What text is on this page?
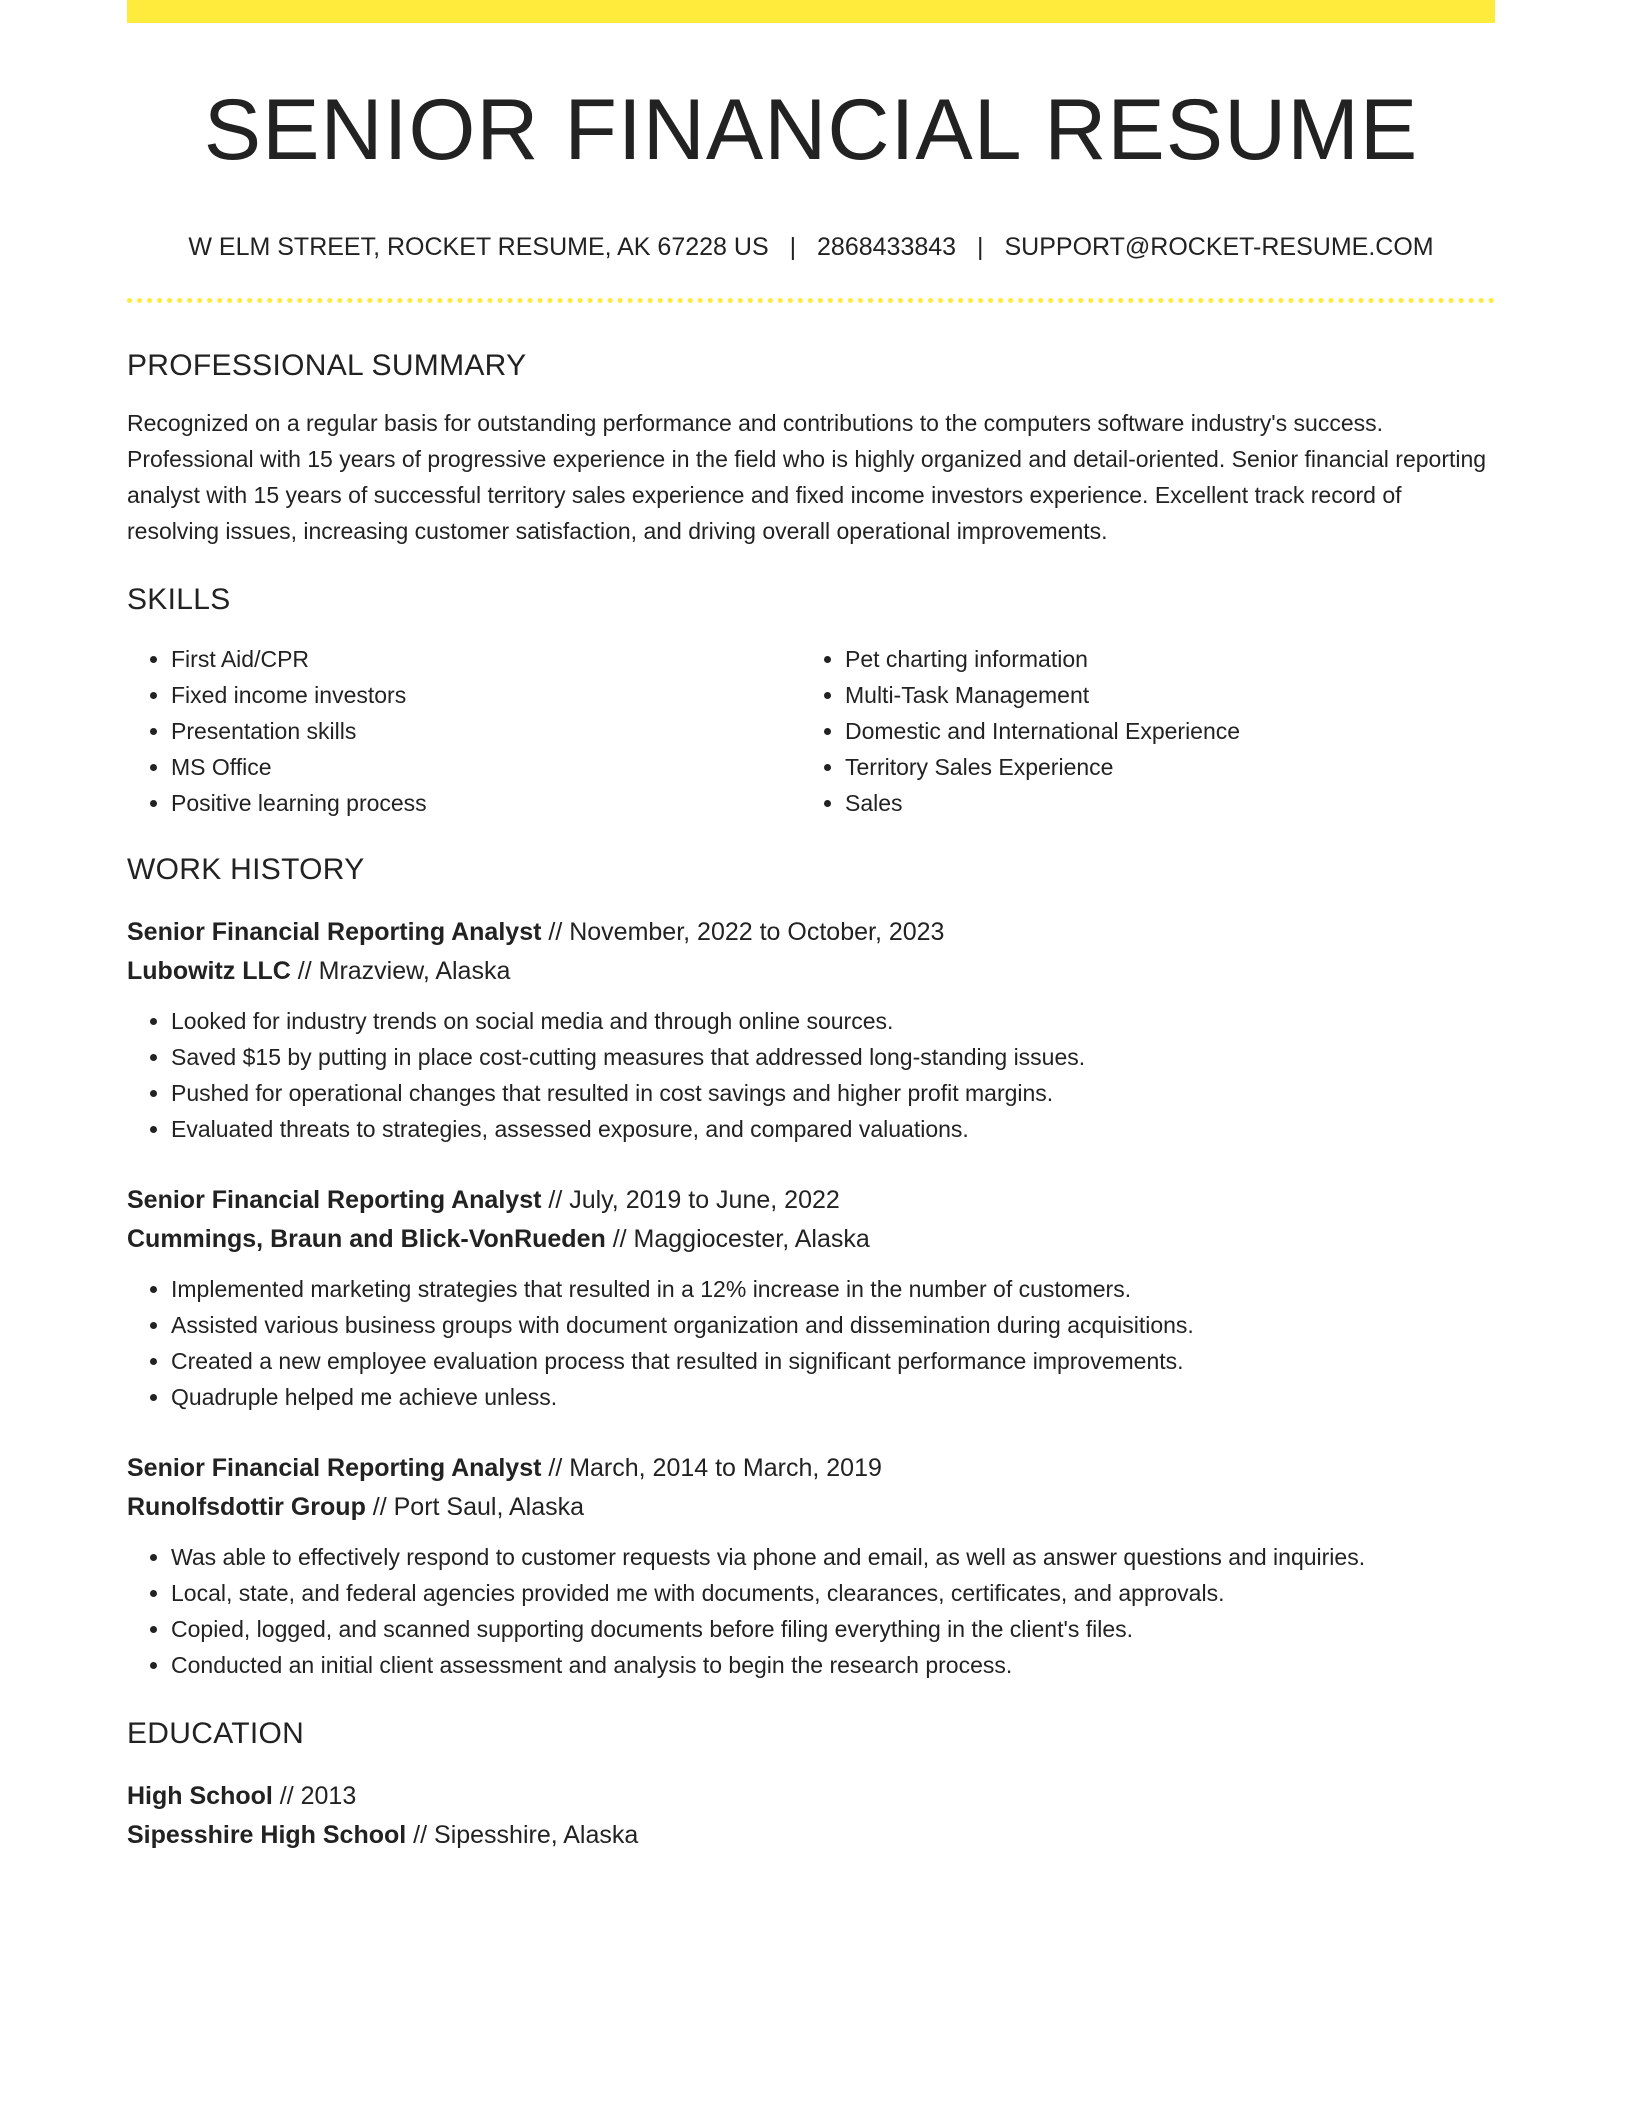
SENIOR FINANCIAL RESUME
W ELM STREET, ROCKET RESUME, AK 67228 US | 2868433843 | SUPPORT@ROCKET-RESUME.COM
PROFESSIONAL SUMMARY
Recognized on a regular basis for outstanding performance and contributions to the computers software industry's success. Professional with 15 years of progressive experience in the field who is highly organized and detail-oriented. Senior financial reporting analyst with 15 years of successful territory sales experience and fixed income investors experience. Excellent track record of resolving issues, increasing customer satisfaction, and driving overall operational improvements.
SKILLS
• First Aid/CPR
• Fixed income investors
• Presentation skills
• MS Office
• Positive learning process
• Pet charting information
• Multi-Task Management
• Domestic and International Experience
• Territory Sales Experience
• Sales
WORK HISTORY
Senior Financial Reporting Analyst // November, 2022 to October, 2023
Lubowitz LLC // Mrazview, Alaska
• Looked for industry trends on social media and through online sources.
• Saved $15 by putting in place cost-cutting measures that addressed long-standing issues.
• Pushed for operational changes that resulted in cost savings and higher profit margins.
• Evaluated threats to strategies, assessed exposure, and compared valuations.
Senior Financial Reporting Analyst // July, 2019 to June, 2022
Cummings, Braun and Blick-VonRueden // Maggiocester, Alaska
• Implemented marketing strategies that resulted in a 12% increase in the number of customers.
• Assisted various business groups with document organization and dissemination during acquisitions.
• Created a new employee evaluation process that resulted in significant performance improvements.
• Quadruple helped me achieve unless.
Senior Financial Reporting Analyst // March, 2014 to March, 2019
Runolfsdottir Group // Port Saul, Alaska
• Was able to effectively respond to customer requests via phone and email, as well as answer questions and inquiries.
• Local, state, and federal agencies provided me with documents, clearances, certificates, and approvals.
• Copied, logged, and scanned supporting documents before filing everything in the client's files.
• Conducted an initial client assessment and analysis to begin the research process.
EDUCATION
High School // 2013
Sipesshire High School // Sipesshire, Alaska
